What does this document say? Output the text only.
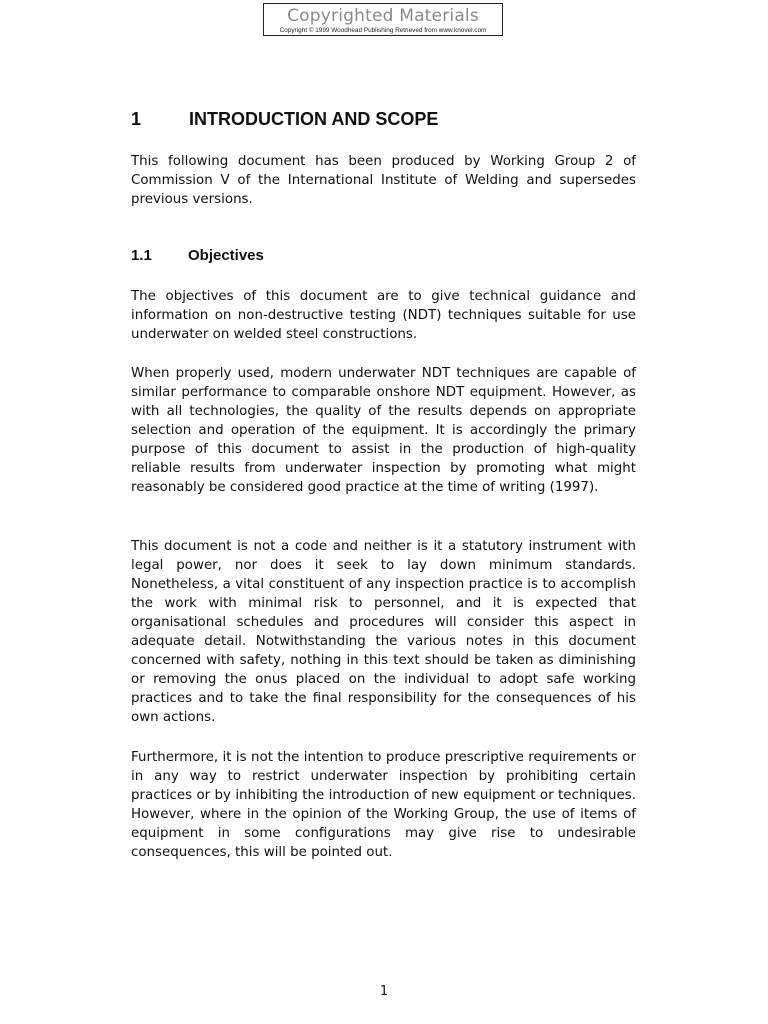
Copyrighted Materials
Copyright © 1999 Woodhead Publishing Retrieved from www.knovel.com
1	INTRODUCTION AND SCOPE

This following document has been produced by Working Group 2 of Commission V of the International Institute of Welding and supersedes previous versions.

1.1 Objectives

The objectives of this document are to give technical guidance and information on non-destructive testing (NDT) techniques suitable for use underwater on welded steel constructions.

When properly used, modern underwater NDT techniques are capable of similar performance to comparable onshore NDT equipment. However, as with all technologies, the quality of the results depends on appropriate selection and operation of the equipment. It is accordingly the primary purpose of this document to assist in the production of high-quality reliable results from underwater inspection by promoting what might reasonably be considered good practice at the time of writing (1997).

This document is not a code and neither is it a statutory instrument with legal power, nor does it seek to lay down minimum standards. Nonetheless, a vital constituent of any inspection practice is to accomplish the work with minimal risk to personnel, and it is expected that organisational schedules and procedures will consider this aspect in adequate detail. Notwithstanding the various notes in this document concerned with safety, nothing in this text should be taken as diminishing or removing the onus placed on the individual to adopt safe working practices and to take the final responsibility for the consequences of his own actions.

Furthermore, it is not the intention to produce prescriptive requirements or in any way to restrict underwater inspection by prohibiting certain practices or by inhibiting the introduction of new equipment or techniques. However, where in the opinion of the Working Group, the use of items of equipment in some configurations may give rise to undesirable consequences, this will be pointed out.

1
